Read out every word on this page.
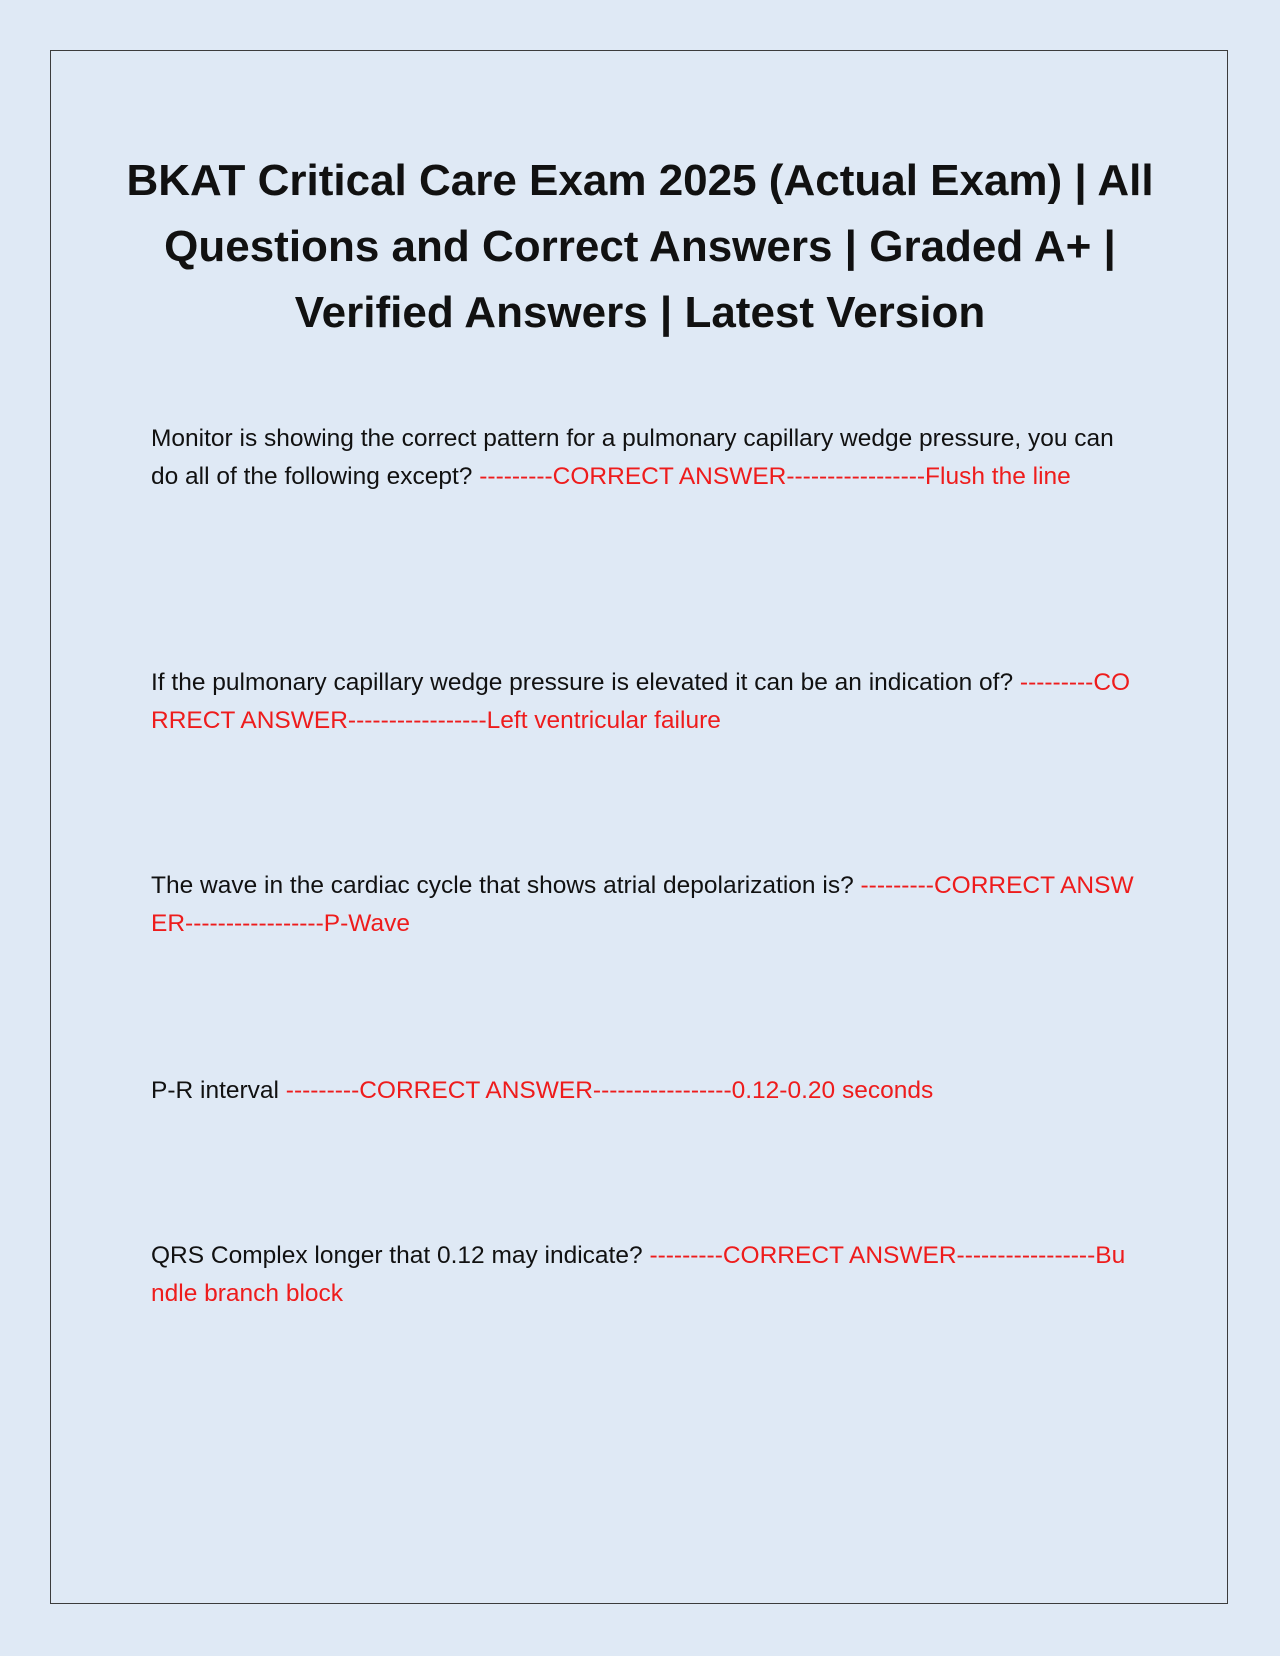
BKAT Critical Care Exam 2025 (Actual Exam) | All Questions and Correct Answers | Graded A+ | Verified Answers | Latest Version

Monitor is showing the correct pattern for a pulmonary capillary wedge pressure, you can do all of the following except? ---------CORRECT ANSWER-----------------Flush the line

If the pulmonary capillary wedge pressure is elevated it can be an indication of? ---------CORRECT ANSWER-----------------Left ventricular failure

The wave in the cardiac cycle that shows atrial depolarization is? ---------CORRECT ANSWER-----------------P-Wave

P-R interval ---------CORRECT ANSWER-----------------0.12-0.20 seconds

QRS Complex longer that 0.12 may indicate? ---------CORRECT ANSWER-----------------Bundle branch block
